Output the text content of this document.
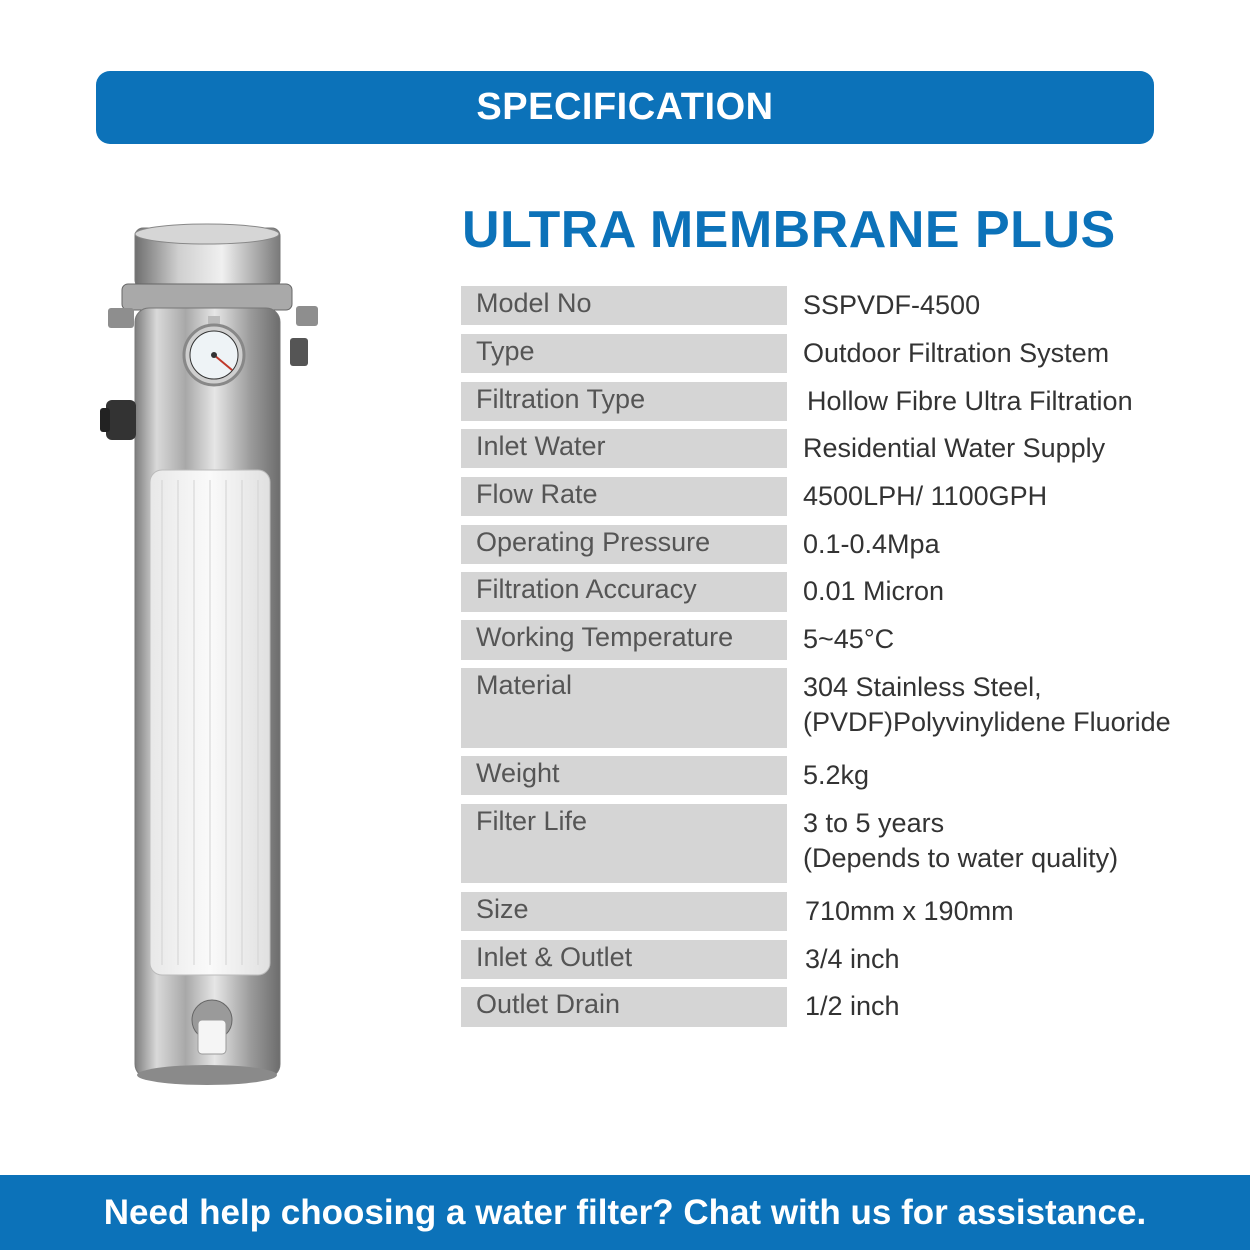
SPECIFICATION
ULTRA MEMBRANE PLUS
Model No	SSPVDF-4500
Type	Outdoor Filtration System
Filtration Type	Hollow Fibre Ultra Filtration
Inlet Water	Residential Water Supply
Flow Rate	4500LPH/ 1100GPH
Operating Pressure	0.1-0.4Mpa
Filtration Accuracy	0.01 Micron
Working Temperature	5~45°C
Material	304 Stainless Steel,
(PVDF)Polyvinylidene Fluoride
Weight	5.2kg
Filter Life	3 to 5 years
(Depends to water quality)
Size	710mm x 190mm
Inlet & Outlet	3/4 inch
Outlet Drain	1/2 inch
Need help choosing a water filter? Chat with us for assistance.
